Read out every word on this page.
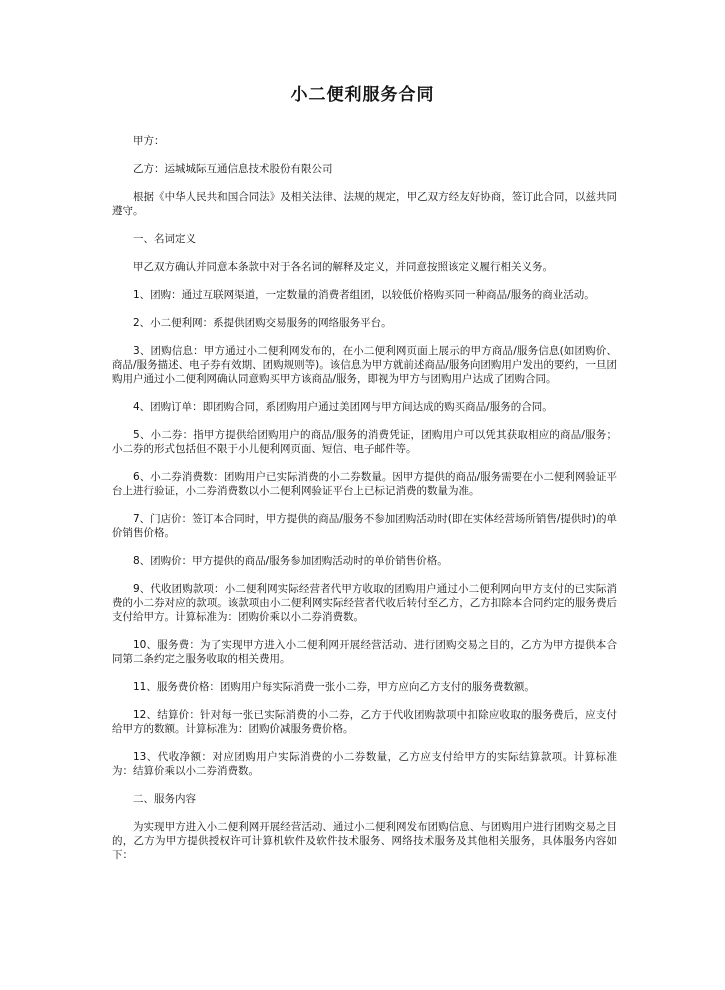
小二便利服务合同

甲方：

乙方：运城城际互通信息技术股份有限公司

根据《中华人民共和国合同法》及相关法律、法规的规定，甲乙双方经友好协商，签订此合同，以兹共同遵守。

一、名词定义

甲乙双方确认并同意本条款中对于各名词的解释及定义，并同意按照该定义履行相关义务。

1、团购：通过互联网渠道，一定数量的消费者组团，以较低价格购买同一种商品/服务的商业活动。

2、小二便利网：系提供团购交易服务的网络服务平台。

3、团购信息：甲方通过小二便利网发布的，在小二便利网页面上展示的甲方商品/服务信息(如团购价、商品/服务描述、电子券有效期、团购规则等)。该信息为甲方就前述商品/服务向团购用户发出的要约，一旦团购用户通过小二便利网确认同意购买甲方该商品/服务，即视为甲方与团购用户达成了团购合同。

4、团购订单：即团购合同，系团购用户通过美团网与甲方间达成的购买商品/服务的合同。

5、小二券：指甲方提供给团购用户的商品/服务的消费凭证，团购用户可以凭其获取相应的商品/服务；小二券的形式包括但不限于小儿便利网页面、短信、电子邮件等。

6、小二券消费数：团购用户已实际消费的小二券数量。因甲方提供的商品/服务需要在小二便利网验证平台上进行验证，小二券消费数以小二便利网验证平台上已标记消费的数量为准。

7、门店价：签订本合同时，甲方提供的商品/服务不参加团购活动时(即在实体经营场所销售/提供时)的单价销售价格。

8、团购价：甲方提供的商品/服务参加团购活动时的单价销售价格。

9、代收团购款项：小二便利网实际经营者代甲方收取的团购用户通过小二便利网向甲方支付的已实际消费的小二券对应的款项。该款项由小二便利网实际经营者代收后转付至乙方，乙方扣除本合同约定的服务费后支付给甲方。计算标准为：团购价乘以小二券消费数。

10、服务费：为了实现甲方进入小二便利网开展经营活动、进行团购交易之目的，乙方为甲方提供本合同第二条约定之服务收取的相关费用。

11、服务费价格：团购用户每实际消费一张小二券，甲方应向乙方支付的服务费数额。

12、结算价：针对每一张已实际消费的小二券，乙方于代收团购款项中扣除应收取的服务费后，应支付给甲方的数额。计算标准为：团购价减服务费价格。

13、代收净额：对应团购用户实际消费的小二券数量，乙方应支付给甲方的实际结算款项。计算标准为：结算价乘以小二券消费数。

二、服务内容

为实现甲方进入小二便利网开展经营活动、通过小二便利网发布团购信息、与团购用户进行团购交易之目的，乙方为甲方提供授权许可计算机软件及软件技术服务、网络技术服务及其他相关服务，具体服务内容如下：
